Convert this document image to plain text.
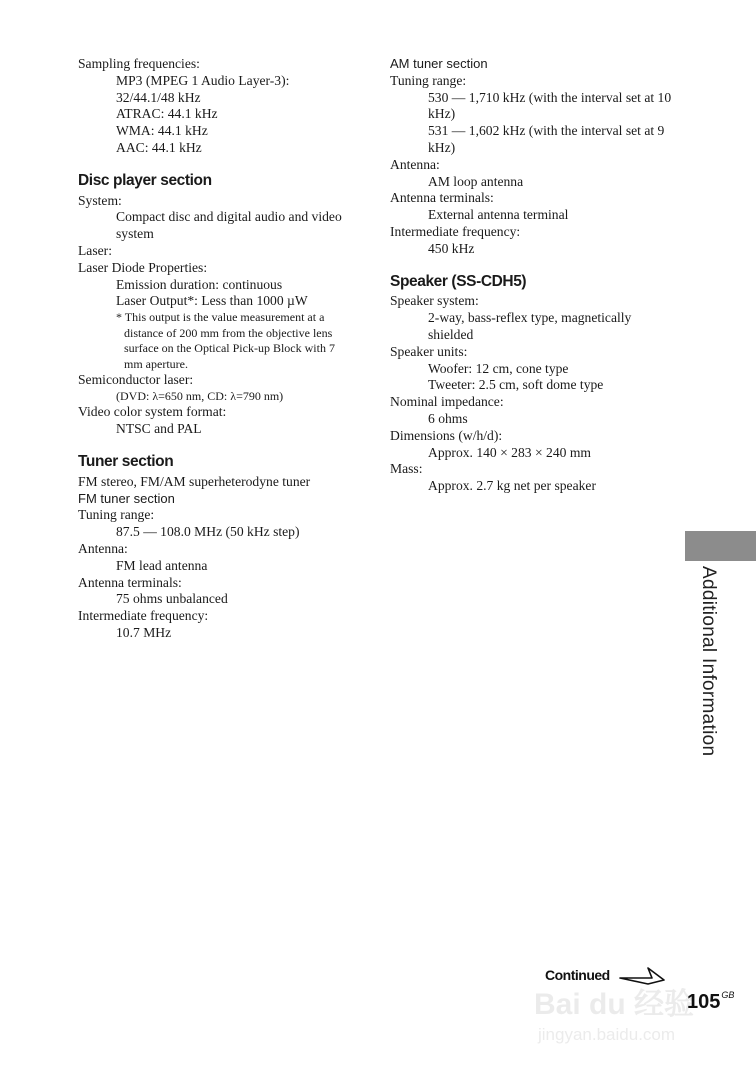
Sampling frequencies:
MP3 (MPEG 1 Audio Layer-3):
32/44.1/48 kHz
ATRAC: 44.1 kHz
WMA: 44.1 kHz
AAC: 44.1 kHz
Disc player section
System:
Compact disc and digital audio and video system
Laser:
Laser Diode Properties:
Emission duration: continuous
Laser Output*: Less than 1000 µW
* This output is the value measurement at a distance of 200 mm from the objective lens surface on the Optical Pick-up Block with 7 mm aperture.
Semiconductor laser:
(DVD: λ=650 nm, CD: λ=790 nm)
Video color system format:
NTSC and PAL
Tuner section
FM stereo, FM/AM superheterodyne tuner
FM tuner section
Tuning range:
87.5 — 108.0 MHz (50 kHz step)
Antenna:
FM lead antenna
Antenna terminals:
75 ohms unbalanced
Intermediate frequency:
10.7 MHz
AM tuner section
Tuning range:
530 — 1,710 kHz (with the interval set at 10 kHz)
531 — 1,602 kHz (with the interval set at 9 kHz)
Antenna:
AM loop antenna
Antenna terminals:
External antenna terminal
Intermediate frequency:
450 kHz
Speaker (SS-CDH5)
Speaker system:
2-way, bass-reflex type, magnetically shielded
Speaker units:
Woofer: 12 cm, cone type
Tweeter: 2.5 cm, soft dome type
Nominal impedance:
6 ohms
Dimensions (w/h/d):
Approx. 140 × 283 × 240 mm
Mass:
Approx. 2.7 kg net per speaker
Additional Information
Continued
Bai du 经验
jingyan.baidu.com
$105^{GB}$
